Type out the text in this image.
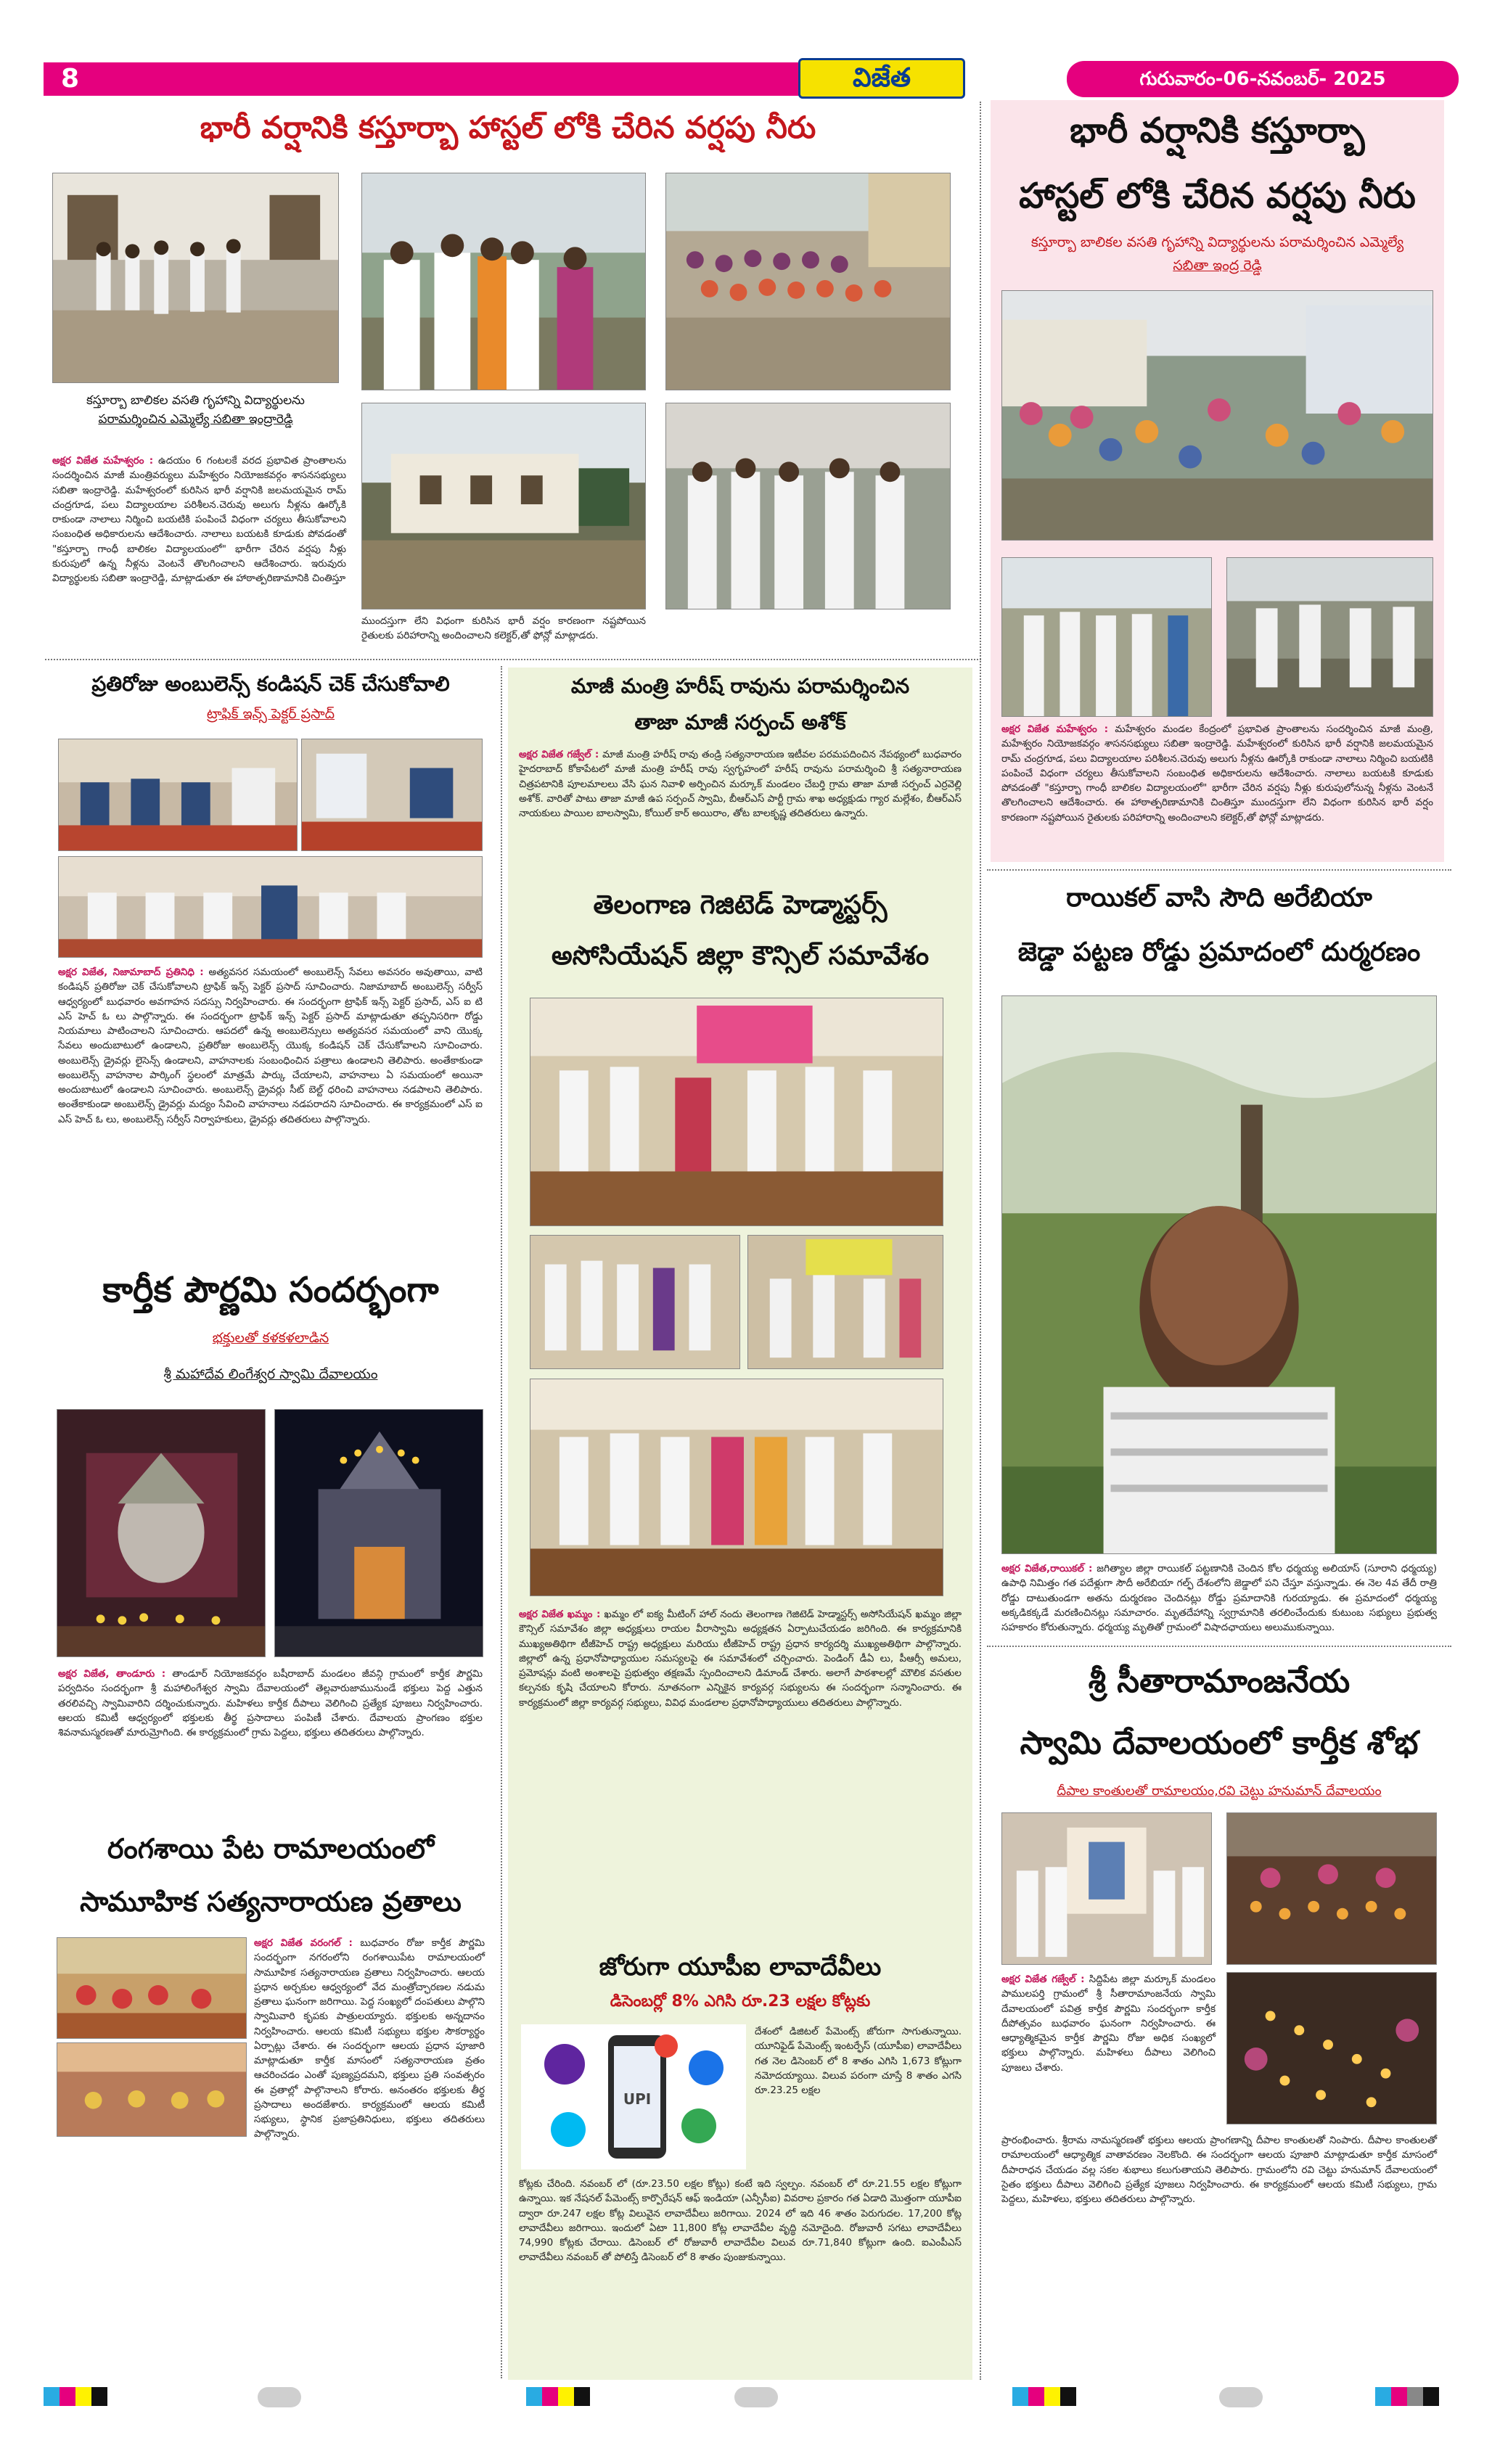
8	విజేత	గురువారం-06-నవంబర్- 2025
భారీ వర్షానికి కస్తూర్బా హాస్టల్ లోకి చేరిన వర్షపు నీరు
కస్తూర్బా బాలికల వసతి గృహాన్ని విద్యార్థులను
పరామర్శించిన ఎమ్మెల్యే సబితా ఇంద్రారెడ్డి
అక్షర విజేత మహేశ్వరం : ఉదయం 6 గంటలకే వరద ప్రభావిత ప్రాంతాలను సందర్శించిన మాజీ మంత్రివర్యులు మహేశ్వరం నియోజకవర్గం శాసనసభ్యులు సబితా ఇంద్రారెడ్డి. మహేశ్వరంలో కురిసిన భారీ వర్షానికి జలమయమైన రామ్ చంద్రగూడ, పలు విద్యాలయాల పరిశీలన.చెరువు అలుగు నీళ్లను ఊర్కోకి రాకుండా నాలాలు నిర్మించి బయటికి పంపించే విధంగా చర్యలు తీసుకోవాలని సంబంధిత అధికారులను ఆదేశించారు. నాలాలు బయటకి కూడుకు పోవడంతో "కస్తూర్బా గాంధీ బాలికల విద్యాలయంలో" భారీగా చేరిన వర్షపు నీళ్లు కురుపులో ఉన్న నీళ్లను వెంటనే తొలగించాలని ఆదేశించారు. ఇరువురు విద్యార్థులకు సబితా ఇంద్రారెడ్డి, మాట్లాడుతూ ఈ హాఠాత్పరిణామానికి చింతిస్తూ
ముందస్తుగా లేని విధంగా కురిసిన భారీ వర్షం కారణంగా నష్టపోయిన రైతులకు పరిహారాన్ని అందించాలని కలెక్టర్,తో ఫోన్లో మాట్లాడరు.
భారీ వర్షానికి కస్తూర్బా
హాస్టల్ లోకి చేరిన వర్షపు నీరు
కస్తూర్బా బాలికల వసతి గృహాన్ని విద్యార్థులను పరామర్శించిన ఎమ్మెల్యే
సబితా ఇంద్ర రెడ్డి
అక్షర విజేత మహేశ్వరం : మహేశ్వరం మండల కేంద్రంలో ప్రభావిత ప్రాంతాలను సందర్శించిన మాజీ మంత్రి, మహేశ్వరం నియోజకవర్గం శాసనసభ్యులు సబితా ఇంద్రారెడ్డి. మహేశ్వరంలో కురిసిన భారీ వర్షానికి జలమయమైన రామ్ చంద్రగూడ, పలు విద్యాలయాల పరిశీలన.చెరువు అలుగు నీళ్లను ఊర్కోకి రాకుండా నాలాలు నిర్మించి బయటికి పంపించే విధంగా చర్యలు తీసుకోవాలని సంబంధిత అధికారులను ఆదేశించారు. నాలాలు బయటకి కూడుకు పోవడంతో "కస్తూర్బా గాంధీ బాలికల విద్యాలయంలో" భారీగా చేరిన వర్షపు నీళ్లు కురుపులోనున్న నీళ్లను వెంటనే తొలగించాలని ఆదేశించారు. ఈ హాఠాత్పరిణామానికి చింతిస్తూ ముందస్తుగా లేని విధంగా కురిసిన భారీ వర్షం కారణంగా నష్టపోయిన రైతులకు పరిహారాన్ని అందించాలని కలెక్టర్,తో ఫోన్లో మాట్లాడరు.
ప్రతిరోజు అంబులెన్స్ కండిషన్ చెక్ చేసుకోవాలి
ట్రాఫిక్ ఇన్స్ పెక్టర్ ప్రసాద్
అక్షర విజేత, నిజామాబాద్ ప్రతినిధి : అత్యవసర సమయంలో అంబులెన్స్ సేవలు అవసరం అవుతాయి, వాటి కండిషన్ ప్రతిరోజు చెక్ చేసుకోవాలని ట్రాఫిక్ ఇన్స్ పెక్టర్ ప్రసాద్ సూచించారు. నిజామాబాద్ అంబులెన్స్ సర్వీస్ ఆధ్వర్యంలో బుధవారం అవగాహన సదస్సు నిర్వహించారు. ఈ సందర్భంగా ట్రాఫిక్ ఇన్స్ పెక్టర్ ప్రసాద్, ఎస్ ఐ టి ఎస్ హెచ్ ఓ లు పాల్గొన్నారు. ఈ సందర్భంగా ట్రాఫిక్ ఇన్స్ పెక్టర్ ప్రసాద్ మాట్లాడుతూ తప్పనిసరిగా రోడ్డు నియమాలు పాటించాలని సూచించారు. ఆపదలో ఉన్న అంబులెన్సులు అత్యవసర సమయంలో వాని యొక్క సేవలు అందుబాటులో ఉండాలని, ప్రతిరోజు అంబులెన్స్ యొక్క కండిషన్ చెక్ చేసుకోవాలని సూచించారు. అంబులెన్స్ డ్రైవర్లు లైసెన్స్ ఉండాలని, వాహనాలకు సంబంధించిన పత్రాలు ఉండాలని తెలిపారు. అంతేకాకుండా అంబులెన్స్ వాహనాల పార్కింగ్ స్థలంలో మాత్రమే పార్కు చేయాలని, వాహనాలు ఏ సమయంలో అయినా అందుబాటులో ఉండాలని సూచించారు. అంబులెన్స్ డ్రైవర్లు సీట్ బెల్ట్ ధరించి వాహనాలు నడపాలని తెలిపారు. అంతేకాకుండా అంబులెన్స్ డ్రైవర్లు మద్యం సేవించి వాహనాలు నడపరాదని సూచించారు. ఈ కార్యక్రమంలో ఎస్ ఐ ఎస్ హెచ్ ఓ లు, అంబులెన్స్ సర్వీస్ నిర్వాహకులు, డ్రైవర్లు తదితరులు పాల్గొన్నారు.
కార్తీక పౌర్ణమి సందర్భంగా
భక్తులతో కళకళలాడిన
శ్రీ మహాదేవ లింగేశ్వర స్వామి దేవాలయం
అక్షర విజేత, తాండూరు : తాండూర్ నియోజకవర్గం బషీరాబాద్ మండలం జీవన్గి గ్రామంలో కార్తీక పౌర్ణమి పర్వదినం సందర్భంగా శ్రీ మహాలింగేశ్వర స్వామి దేవాలయంలో తెల్లవారుజామునుండే భక్తులు పెద్ద ఎత్తున తరలివచ్చి స్వామివారిని దర్శించుకున్నారు. మహిళలు కార్తీక దీపాలు వెలిగించి ప్రత్యేక పూజలు నిర్వహించారు. ఆలయ కమిటీ ఆధ్వర్యంలో భక్తులకు తీర్థ ప్రసాదాలు పంపిణీ చేశారు. దేవాలయ ప్రాంగణం భక్తుల శివనామస్మరణతో మారుమ్రోగింది. ఈ కార్యక్రమంలో గ్రామ పెద్దలు, భక్తులు తదితరులు పాల్గొన్నారు.
రంగశాయి పేట రామాలయంలో
సామూహిక సత్యనారాయణ వ్రతాలు
అక్షర విజేత వరంగల్ : బుధవారం రోజు కార్తీక పౌర్ణమి సందర్భంగా నగరంలోని రంగశాయిపేట రామాలయంలో సామూహిక సత్యనారాయణ వ్రతాలు నిర్వహించారు. ఆలయ ప్రధాన అర్చకుల ఆధ్వర్యంలో వేద మంత్రోచ్ఛారణల నడుమ వ్రతాలు ఘనంగా జరిగాయి. పెద్ద సంఖ్యలో దంపతులు పాల్గొని స్వామివారి కృపకు పాత్రులయ్యారు. భక్తులకు అన్నదానం నిర్వహించారు. ఆలయ కమిటీ సభ్యులు భక్తుల సౌకర్యార్థం ఏర్పాట్లు చేశారు. ఈ సందర్భంగా ఆలయ ప్రధాన పూజారి మాట్లాడుతూ కార్తీక మాసంలో సత్యనారాయణ వ్రతం ఆచరించడం ఎంతో పుణ్యప్రదమని, భక్తులు ప్రతి సంవత్సరం ఈ వ్రతాల్లో పాల్గొనాలని కోరారు. అనంతరం భక్తులకు తీర్థ ప్రసాదాలు అందజేశారు. కార్యక్రమంలో ఆలయ కమిటీ సభ్యులు, స్థానిక ప్రజాప్రతినిధులు, భక్తులు తదితరులు పాల్గొన్నారు.
మాజీ మంత్రి హరీష్ రావును పరామర్శించిన
తాజా మాజీ సర్పంచ్ అశోక్
అక్షర విజేత గజ్వేల్ : మాజీ మంత్రి హరీష్ రావు తండ్రి సత్యనారాయణ ఇటీవల పరమపదించిన నేపథ్యంలో బుధవారం హైదరాబాద్ కోకాపేటలో మాజీ మంత్రి హరీష్ రావు స్వగృహంలో హరీష్ రావును పరామర్శించి శ్రీ సత్యనారాయణ చిత్రపటానికి పూలమాలలు వేసి ఘన నివాళి అర్పించిన మర్కూక్ మండలం చేబర్తి గ్రామ తాజా మాజీ సర్పంచ్ ఎర్రవెల్లి అశోక్. వారితో పాటు తాజా మాజీ ఉప సర్పంచ్ స్వామి, బీఆర్ఎస్ పార్టీ గ్రామ శాఖ అధ్యక్షుడు గ్యార మల్లేశం, బీఆర్ఎస్ నాయకులు పాయిల బాలస్వామి, కోయిల్ కార్ అయిరాం, తోట బాలకృష్ణ తదితరులు ఉన్నారు.
తెలంగాణ గెజిటెడ్ హెడ్మాస్టర్స్
అసోసియేషన్ జిల్లా కౌన్సిల్ సమావేశం
అక్షర విజేత ఖమ్మం : ఖమ్మం లో ఐక్య మీటింగ్ హాల్ నందు తెలంగాణ గెజిటెడ్ హెడ్మాస్టర్స్ అసోసియేషన్ ఖమ్మం జిల్లా కౌన్సిల్ సమావేశం జిల్లా అధ్యక్షులు రాయల వీరాస్వామి అధ్యక్షతన ఏర్పాటుచేయడం జరిగింది. ఈ కార్యక్రమానికి ముఖ్యఅతిథిగా టీజీహెచ్ రాష్ట్ర అధ్యక్షులు మరియు టీజీహెచ్ రాష్ట్ర ప్రధాన కార్యదర్శి ముఖ్యఅతిథిగా పాల్గొన్నారు. జిల్లాలో ఉన్న ప్రధానోపాధ్యాయుల సమస్యలపై ఈ సమావేశంలో చర్చించారు. పెండింగ్ డీఏ లు, పీఆర్సీ అమలు, ప్రమోషన్లు వంటి అంశాలపై ప్రభుత్వం తక్షణమే స్పందించాలని డిమాండ్ చేశారు. అలాగే పాఠశాలల్లో మౌలిక వసతుల కల్పనకు కృషి చేయాలని కోరారు. నూతనంగా ఎన్నికైన కార్యవర్గ సభ్యులను ఈ సందర్భంగా సన్మానించారు. ఈ కార్యక్రమంలో జిల్లా కార్యవర్గ సభ్యులు, వివిధ మండలాల ప్రధానోపాధ్యాయులు తదితరులు పాల్గొన్నారు.
జోరుగా యూపీఐ లావాదేవీలు
డిసెంబర్లో 8% ఎగిసి రూ.23 లక్షల కోట్లకు
UPI
దేశంలో డిజిటల్ పేమెంట్స్ జోరుగా సాగుతున్నాయి. యూనిఫైడ్ పేమెంట్స్ ఇంటర్ఫేస్ (యూపీఐ) లావాదేవీలు గత నెల డిసెంబర్ లో 8 శాతం ఎగిసి 1,673 కోట్లుగా నమోదయ్యాయి. విలువ పరంగా చూస్తే 8 శాతం ఎగసి రూ.23.25 లక్షల
కోట్లకు చేరింది. నవంబర్ లో (రూ.23.50 లక్షల కోట్లు) కంటే ఇది స్వల్పం. నవంబర్ లో రూ.21.55 లక్షల కోట్లుగా ఉన్నాయి. ఇక నేషనల్ పేమెంట్స్ కార్పొరేషన్ ఆఫ్ ఇండియా (ఎన్పీసీఐ) వివరాల ప్రకారం గత ఏడాది మొత్తంగా యూపీఐ ద్వారా రూ.247 లక్షల కోట్ల విలువైన లావాదేవీలు జరిగాయి. 2024 లో ఇది 46 శాతం పెరుగుదల. 17,200 కోట్ల లావాదేవీలు జరిగాయి. ఇందులో ఏటా 11,800 కోట్ల లావాదేవీల వృద్ధి నమోదైంది. రోజువారీ సగటు లావాదేవీలు 74,990 కోట్లకు చేరాయి. డిసెంబర్ లో రోజువారీ లావాదేవీల విలువ రూ.71,840 కోట్లుగా ఉంది. ఐఎంపీఎస్ లావాదేవీలు నవంబర్ తో పోలిస్తే డిసెంబర్ లో 8 శాతం పుంజుకున్నాయి.
రాయికల్ వాసి సౌది అరేబియా
జెడ్డా పట్టణ రోడ్డు ప్రమాదంలో దుర్మరణం
అక్షర విజేత,రాయికల్ : జగిత్యాల జిల్లా రాయికల్ పట్టణానికి చెందిన కోల ధర్మయ్య అలియాస్ (సూరాని ధర్మయ్య) ఉపాధి నిమిత్తం గత పదేళ్లుగా సౌదీ అరేబియా గల్ఫ్ దేశంలోని జెడ్డాలో పని చేస్తూ వస్తున్నాడు. ఈ నెల 4వ తేదీ రాత్రి రోడ్డు దాటుతుండగా అతను దుర్మరణం చెందినట్లు రోడ్డు ప్రమాదానికి గురయ్యాడు. ఈ ప్రమాదంలో ధర్మయ్య అక్కడికక్కడే మరణించినట్లు సమాచారం. మృతదేహాన్ని స్వగ్రామానికి తరలించేందుకు కుటుంబ సభ్యులు ప్రభుత్వ సహకారం కోరుతున్నారు. ధర్మయ్య మృతితో గ్రామంలో విషాదఛాయలు అలుముకున్నాయి.
శ్రీ సీతారామాంజనేయ
స్వామి దేవాలయంలో కార్తీక శోభ
దీపాల కాంతులతో రామాలయం,రవి చెట్టు హనుమాన్ దేవాలయం
అక్షర విజేత గజ్వేల్ : సిద్దిపేట జిల్లా మర్కూక్ మండలం పాములపర్తి గ్రామంలో శ్రీ సీతారామాంజనేయ స్వామి దేవాలయంలో పవిత్ర కార్తీక పౌర్ణమి సందర్భంగా కార్తీక దీపోత్సవం బుధవారం ఘనంగా నిర్వహించారు. ఈ ఆధ్యాత్మికమైన కార్తీక పౌర్ణమి రోజు అధిక సంఖ్యలో భక్తులు పాల్గొన్నారు. మహిళలు దీపాలు వెలిగించి పూజలు చేశారు.
ప్రారంభించారు. శ్రీరామ నామస్మరణతో భక్తులు ఆలయ ప్రాంగణాన్ని దీపాల కాంతులతో నింపారు. దీపాల కాంతులతో రామాలయంలో ఆధ్యాత్మిక వాతావరణం నెలకొంది. ఈ సందర్భంగా ఆలయ పూజారి మాట్లాడుతూ కార్తీక మాసంలో దీపారాధన చేయడం వల్ల సకల శుభాలు కలుగుతాయని తెలిపారు. గ్రామంలోని రవి చెట్టు హనుమాన్ దేవాలయంలో సైతం భక్తులు దీపాలు వెలిగించి ప్రత్యేక పూజలు నిర్వహించారు. ఈ కార్యక్రమంలో ఆలయ కమిటీ సభ్యులు, గ్రామ పెద్దలు, మహిళలు, భక్తులు తదితరులు పాల్గొన్నారు.
